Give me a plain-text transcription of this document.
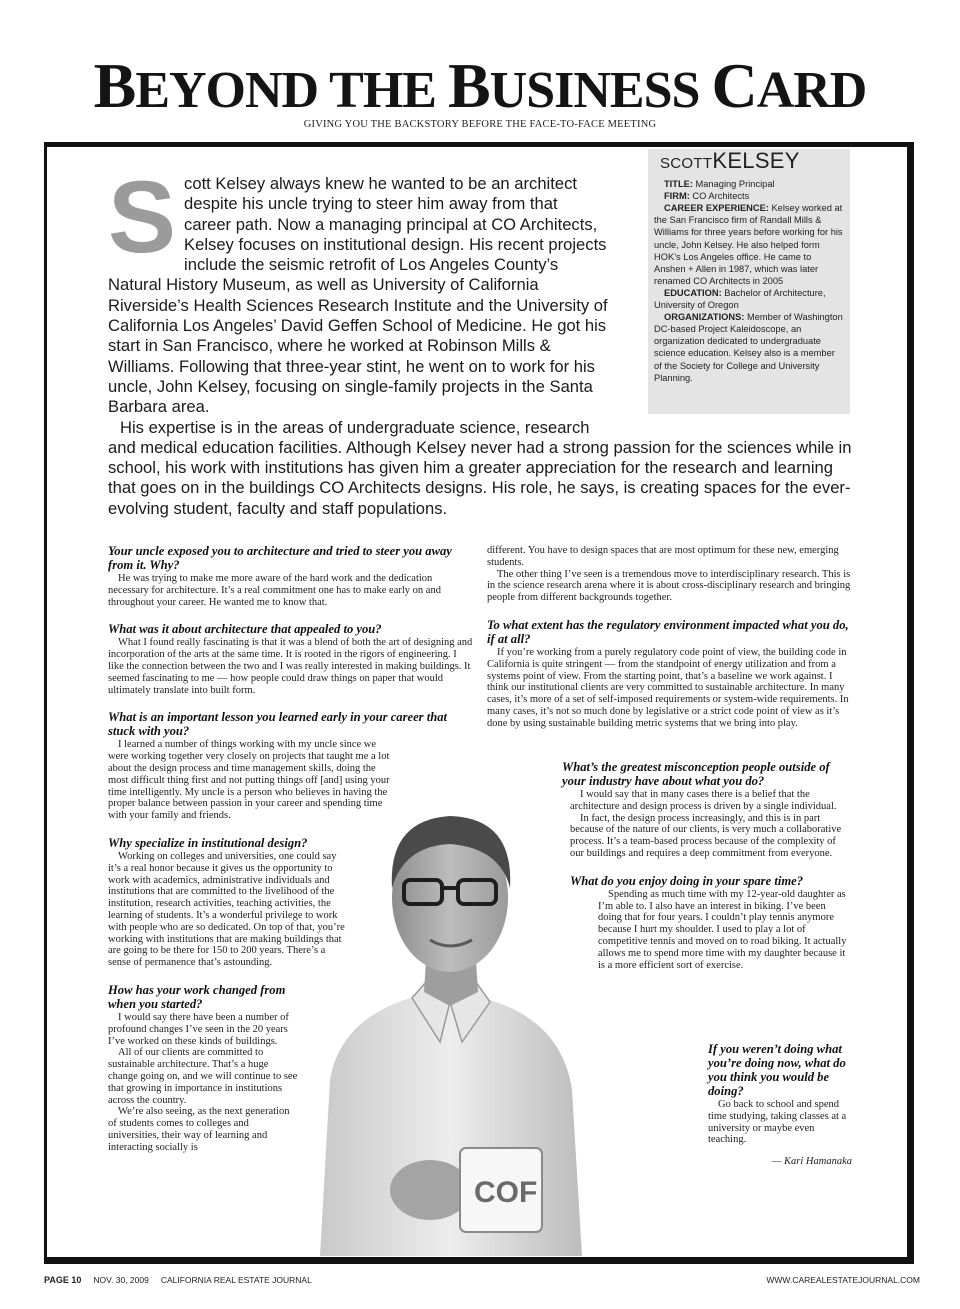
BEYOND THE BUSINESS CARD
GIVING YOU THE BACKSTORY BEFORE THE FACE-TO-FACE MEETING

Scott Kelsey always knew he wanted to be an architect despite his uncle trying to steer him away from that career path. Now a managing principal at CO Architects, Kelsey focuses on institutional design. His recent projects include the seismic retrofit of Los Angeles County’s Natural History Museum, as well as University of California Riverside’s Health Sciences Research Institute and the University of California Los Angeles’ David Geffen School of Medicine. He got his start in San Francisco, where he worked at Robinson Mills & Williams. Following that three-year stint, he went on to work for his uncle, John Kelsey, focusing on single-family projects in the Santa Barbara area.

His expertise is in the areas of undergraduate science, research and medical education facilities. Although Kelsey never had a strong passion for the sciences while in school, his work with institutions has given him a greater appreciation for the research and learning that goes on in the buildings CO Architects designs. His role, he says, is creating spaces for the ever-evolving student, faculty and staff populations.

SCOTTKELSEY

TITLE: Managing Principal

FIRM: CO Architects

CAREER EXPERIENCE: Kelsey worked at the San Francisco firm of Randall Mills & Williams for three years before working for his uncle, John Kelsey. He also helped form HOK’s Los Angeles office. He came to Anshen + Allen in 1987, which was later renamed CO Architects in 2005

EDUCATION: Bachelor of Architecture, University of Oregon

ORGANIZATIONS: Member of Washington DC-based Project Kaleidoscope, an organization dedicated to undergraduate science education. Kelsey also is a member of the Society for College and University Planning.

COF
Your uncle exposed you to architecture and tried to steer you away from it. Why?

He was trying to make me more aware of the hard work and the dedication necessary for architecture. It’s a real commitment one has to make early on and throughout your career. He wanted me to know that.

What was it about architecture that appealed to you?

What I found really fascinating is that it was a blend of both the art of designing and incorporation of the arts at the same time. It is rooted in the rigors of engineering. I like the connection between the two and I was really interested in making buildings. It seemed fascinating to me — how people could draw things on paper that would ultimately translate into built form.

What is an important lesson you learned early in your career that stuck with you?

I learned a number of things working with my uncle since we were working together very closely on projects that taught me a lot about the design process and time management skills, doing the most difficult thing first and not putting things off [and] using your time intelligently. My uncle is a person who believes in having the proper balance between passion in your career and spending time with your family and friends.

Why specialize in institutional design?

Working on colleges and universities, one could say it’s a real honor because it gives us the opportunity to work with academics, administrative individuals and institutions that are committed to the livelihood of the institution, research activities, teaching activities, the learning of students. It’s a wonderful privilege to work with people who are so dedicated. On top of that, you’re working with institutions that are making buildings that are going to be there for 150 to 200 years. There’s a sense of permanence that’s astounding.

How has your work changed from when you started?

I would say there have been a number of profound changes I’ve seen in the 20 years I’ve worked on these kinds of buildings.

All of our clients are committed to sustainable architecture. That’s a huge change going on, and we will continue to see that growing in importance in institutions across the country.

We’re also seeing, as the next generation of students comes to colleges and universities, their way of learning and interacting socially is

different. You have to design spaces that are most optimum for these new, emerging students.

The other thing I’ve seen is a tremendous move to interdisciplinary research. This is in the science research arena where it is about cross-disciplinary research and bringing people from different backgrounds together.

To what extent has the regulatory environment impacted what you do, if at all?

If you’re working from a purely regulatory code point of view, the building code in California is quite stringent — from the standpoint of energy utilization and from a systems point of view. From the starting point, that’s a baseline we work against. I think our institutional clients are very committed to sustainable architecture. In many cases, it’s more of a set of self-imposed requirements or system-wide requirements. In many cases, it’s not so much done by legislative or a strict code point of view as it’s done by using sustainable building metric systems that we bring into play.

What’s the greatest misconception people outside of your industry have about what you do?

I would say that in many cases there is a belief that the architecture and design process is driven by a single individual.

In fact, the design process increasingly, and this is in part because of the nature of our clients, is very much a collaborative process. It’s a team-based process because of the complexity of our buildings and requires a deep commitment from everyone.

What do you enjoy doing in your spare time?

Spending as much time with my 12-year-old daughter as I’m able to. I also have an interest in biking. I’ve been doing that for four years. I couldn’t play tennis anymore because I hurt my shoulder. I used to play a lot of competitive tennis and moved on to road biking. It actually allows me to spend more time with my daughter because it is a more efficient sort of exercise.

If you weren’t doing what you’re doing now, what do you think you would be doing?

Go back to school and spend time studying, taking classes at a university or maybe even teaching.

— Kari Hamanaka

PAGE 10 NOV. 30, 2009 CALIFORNIA REAL ESTATE JOURNAL	WWW.CAREALESTATEJOURNAL.COM
